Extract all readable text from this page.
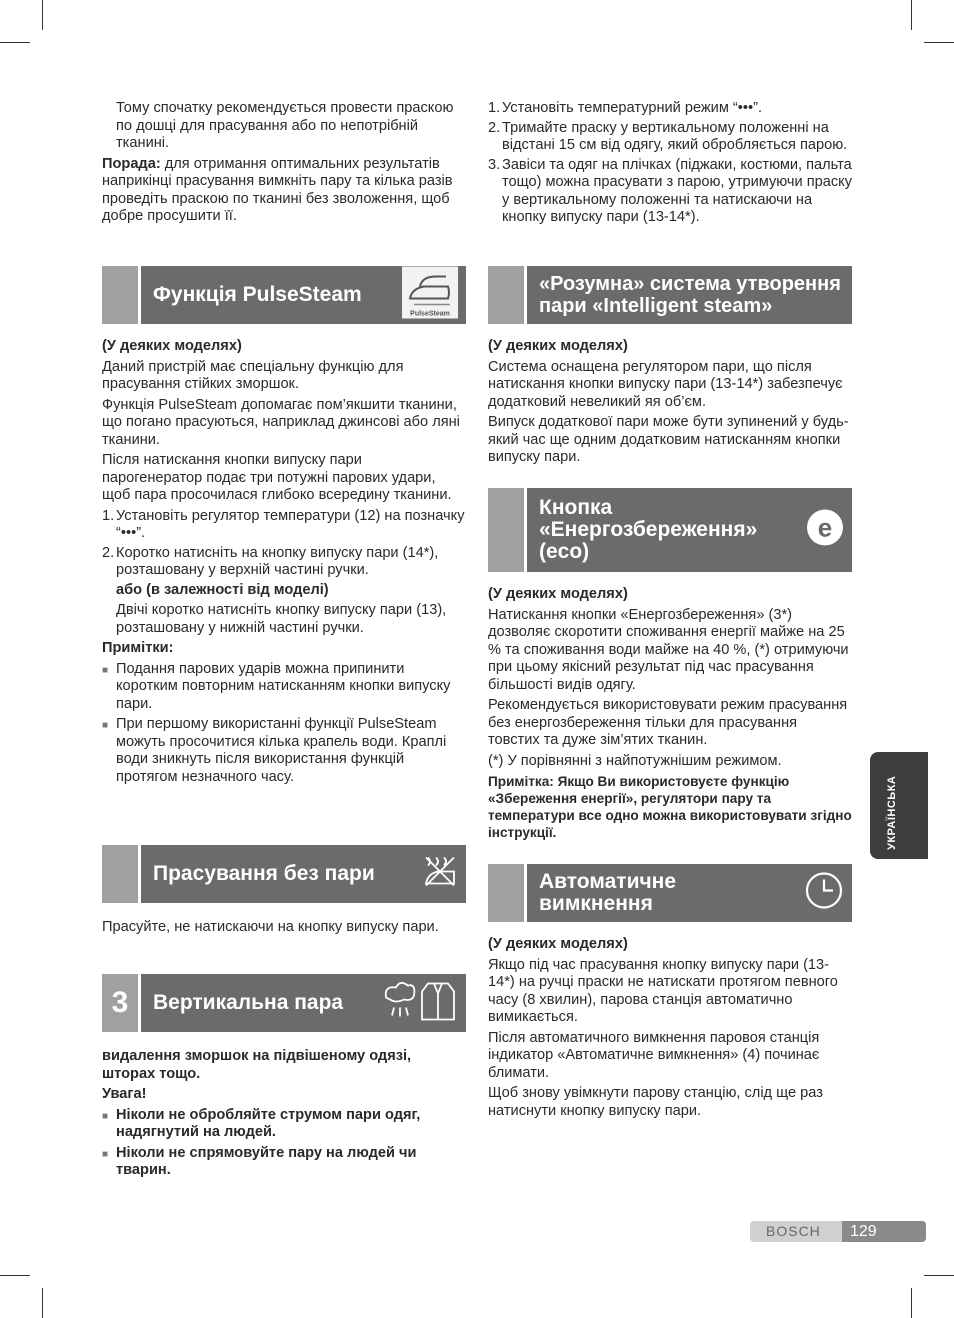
Тому спочатку рекомендується провести праскою по дошці для прасування або по непотрібній тканині.

Порада: для отримання оптимальних результатів наприкінці прасування вимкніть пару та кілька разів проведіть праскою по тканині без зволоження, щоб добре просушити її.

Функція PulseSteam
PulseSteam

(У деяких моделях)

Даний пристрій має спеціальну функцію для прасування стійких зморшок.

Функція PulseSteam допомагає пом’якшити тканини, що погано прасуються, наприклад джинсові або ляні тканини.

Після натискання кнопки випуску пари парогенератор подає три потужні парових удари, щоб пара просочилася глибоко всередину тканини.

1. Установіть регулятор температури (12) на позначку “•••”.
2. Коротко натисніть на кнопку випуску пари (14*), розташовану у верхній частині ручки.

або (в залежності від моделі)

Двічі коротко натисніть кнопку випуску пари (13), розташовану у нижній частині ручки.

Примітки:

■ Подання парових ударів можна припинити коротким повторним натисканням кнопки випуску пари.
■ При першому використанні функції PulseSteam можуть просочитися кілька крапель води. Краплі води зникнуть після використання функцій протягом незначного часу.
Прасування без пари

Прасуйте, не натискаючи на кнопку випуску пари.

3	Вертикальна пара

видалення зморшок на підвішеному одязі, шторах тощо.

Увага!

■ Ніколи не обробляйте струмом пари одяг, надягнутий на людей.
■ Ніколи не спрямовуйте пару на людей чи тварин.
1. Установіть температурний режим “•••”.
2. Тримайте праску у вертикальному положенні на відстані 15 см від одягу, який обробляється парою.
3. Завіси та одяг на плічках (піджаки, костюми, пальта тощо) можна прасувати з парою, утримуючи праску у вертикальному положенні та натискаючи на кнопку випуску пари (13-14*).
«Розумна» система утворення пари «Intelligent steam»

(У деяких моделях)

Система оснащена регулятором пари, що після натискання кнопки випуску пари (13-14*) забезпечує додатковий невеликий яя об’єм.

Випуск додаткової пари може бути зупинений у будь-який час ще одним додатковим натисканням кнопки випуску пари.

Кнопка «Енергозбереження» (eco)
e

(У деяких моделях)

Натискання кнопки «Енергозбереження» (3*) дозволяє скоротити споживання енергії майже на 25 % та споживання води майже на 40 %, (*) отримуючи при цьому якісний результат під час прасування більшості видів одягу.

Рекомендується використовувати режим прасування без енергозбереження тільки для прасування товстих та дуже зім’ятих тканин.

(*) У порівнянні з найпотужнішим режимом.

Примітка: Якщо Ви використовуєте функцію «Збереження енергії», регулятори пару та температури все одно можна використовувати згідно інструкції.

Автоматичне вимкнення

(У деяких моделях)

Якщо під час прасування кнопку випуску пари (13-14*) на ручці праски не натискати протягом певного часу (8 хвилин), парова станція автоматично вимикається.

Після автоматичного вимкнення паровоя станція індикатор «Автоматичне вимкнення» (4) починає блимати.

Щоб знову увімкнути парову станцію, слід ще раз натиснути кнопку випуску пари.

УКРАЇНСЬКА
BOSCH	129
